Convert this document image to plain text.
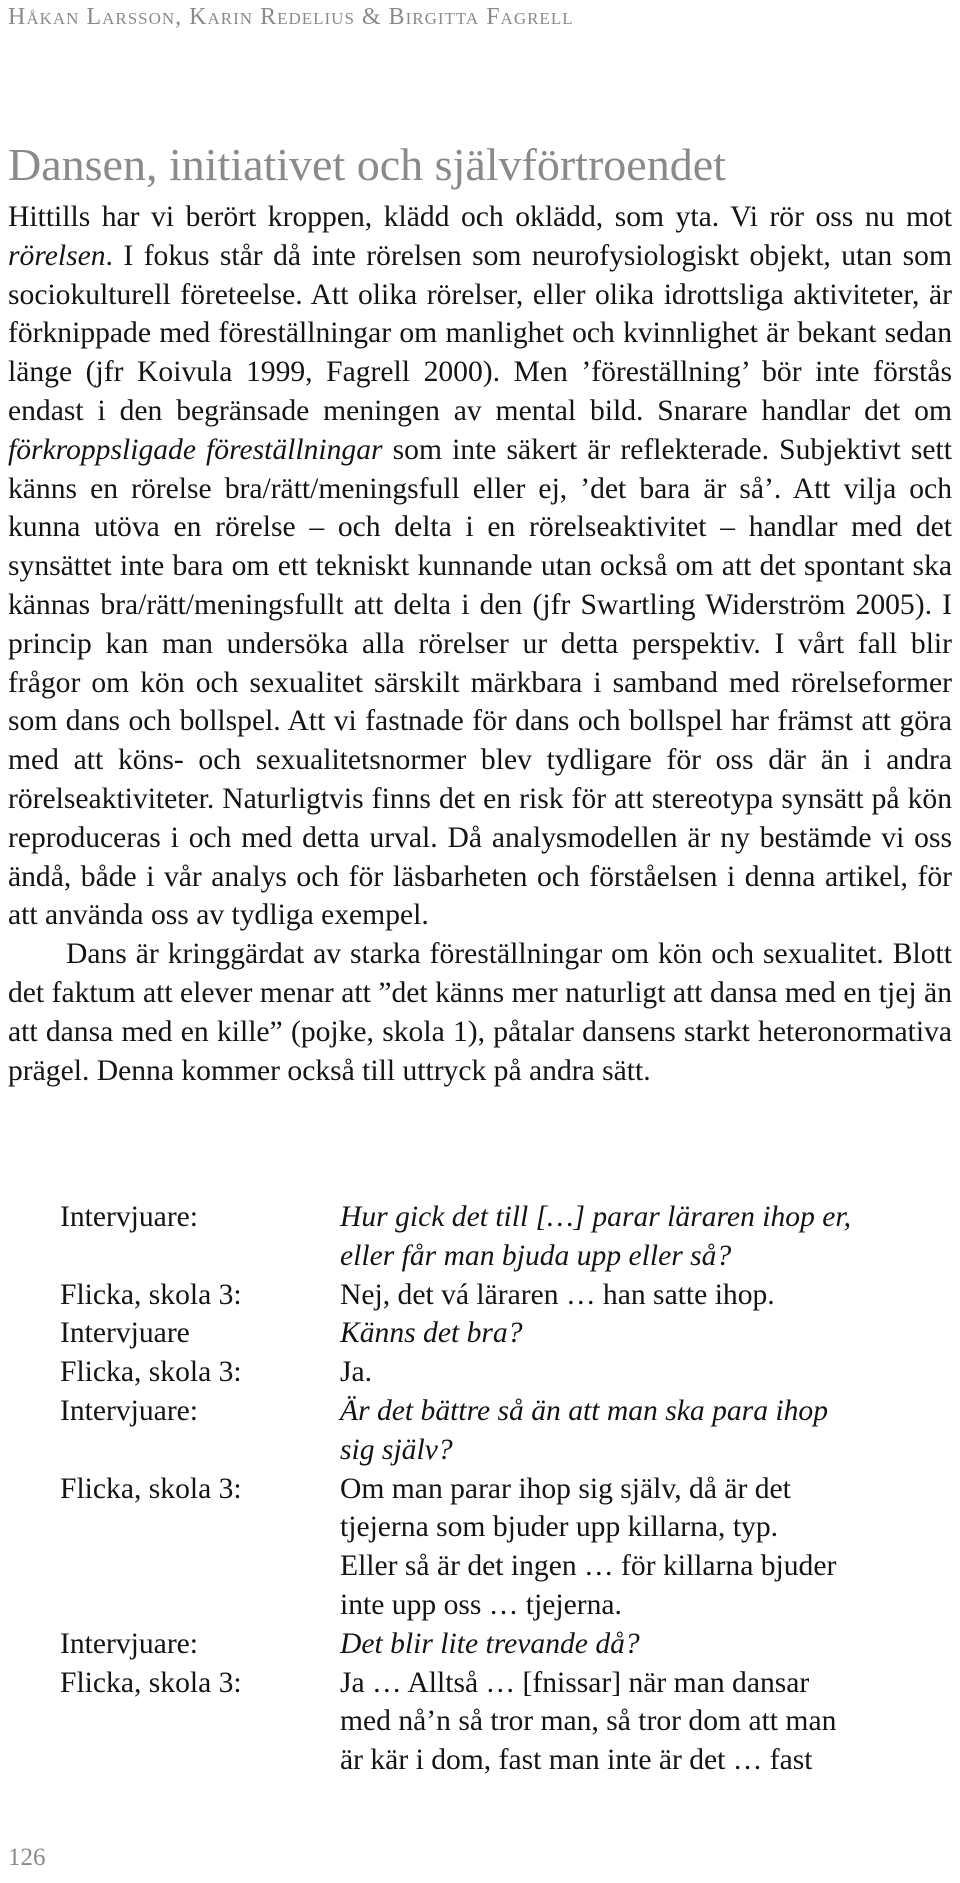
Håkan Larsson, Karin Redelius & Birgitta Fagrell
Dansen, initiativet och självförtroendet

Hittills har vi berört kroppen, klädd och oklädd, som yta. Vi rör oss nu mot rörelsen. I fokus står då inte rörelsen som neurofysiologiskt objekt, utan som sociokulturell företeelse. Att olika rörelser, eller olika idrottsliga aktiviteter, är förknippade med föreställningar om manlighet och kvinnlighet är bekant sedan länge (jfr Koivula 1999, Fagrell 2000). Men ’föreställning’ bör inte förstås endast i den begränsade meningen av mental bild. Snarare handlar det om förkroppsligade föreställningar som inte säkert är reflekterade. Subjektivt sett känns en rörelse bra/rätt/meningsfull eller ej, ’det bara är så’. Att vilja och kunna utöva en rörelse – och delta i en rörelseaktivitet – handlar med det synsättet inte bara om ett tekniskt kunnande utan också om att det spontant ska kännas bra/rätt/meningsfullt att delta i den (jfr Swartling Widerström 2005). I princip kan man undersöka alla rörelser ur detta perspektiv. I vårt fall blir frågor om kön och sexualitet särskilt märkbara i samband med rörelseformer som dans och bollspel. Att vi fastnade för dans och bollspel har främst att göra med att köns- och sexualitetsnormer blev tydligare för oss där än i andra rörelseaktiviteter. Naturligtvis finns det en risk för att stereotypa synsätt på kön reproduceras i och med detta urval. Då analysmodellen är ny bestämde vi oss ändå, både i vår analys och för läsbarheten och förståelsen i denna artikel, för att använda oss av tydliga exempel.

Dans är kringgärdat av starka föreställningar om kön och sexualitet. Blott det faktum att elever menar att ”det känns mer naturligt att dansa med en tjej än att dansa med en kille” (pojke, skola 1), påtalar dansens starkt heteronormativa prägel. Denna kommer också till uttryck på andra sätt.

Intervjuare:	Hur gick det till […] parar läraren ihop er,
eller får man bjuda upp eller så?
Flicka, skola 3:	Nej, det vá läraren … han satte ihop.
Intervjuare	Känns det bra?
Flicka, skola 3:	Ja.
Intervjuare:	Är det bättre så än att man ska para ihop
sig själv?
Flicka, skola 3:	Om man parar ihop sig själv, då är det
tjejerna som bjuder upp killarna, typ.
Eller så är det ingen … för killarna bjuder
inte upp oss … tjejerna.
Intervjuare:	Det blir lite trevande då?
Flicka, skola 3:	Ja … Alltså … [fnissar] när man dansar
med nå’n så tror man, så tror dom att man
är kär i dom, fast man inte är det … fast
126
